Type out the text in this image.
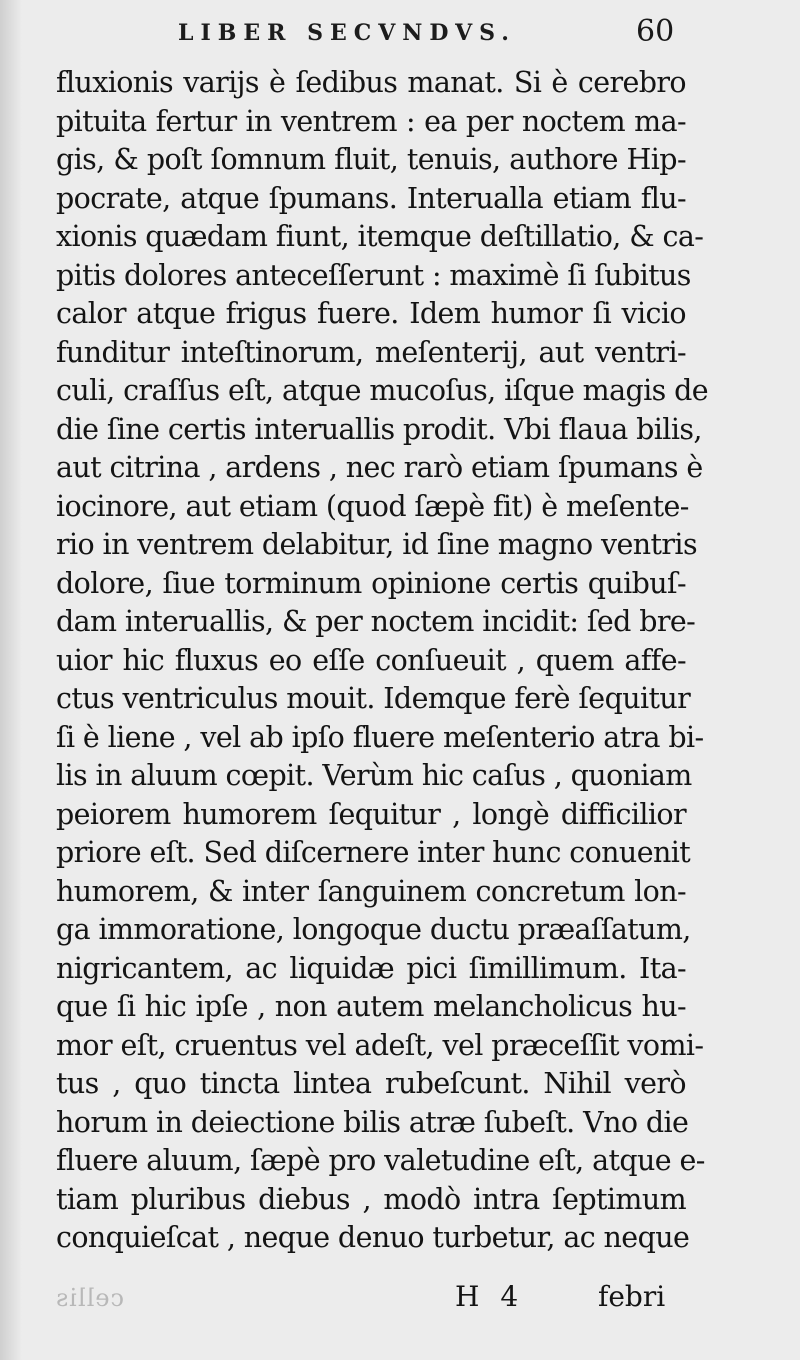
cellis
LIBER SECVNDVS.	60
fluxionis varijs è ſedibus manat. Si è cerebro
pituita fertur in ventrem : ea per noctem ma-
gis, & poſt ſomnum fluit, tenuis, authore Hip-
pocrate, atque ſpumans. Interualla etiam flu-
xionis quædam fiunt, itemque deſtillatio, & ca-
pitis dolores anteceſſerunt : maximè ſi ſubitus
calor atque frigus fuere. Idem humor ſi vicio
funditur inteſtinorum, meſenterij, aut ventri-
culi, craſſus eſt, atque mucoſus, iſque magis de
die ſine certis interuallis prodit. Vbi flaua bilis,
aut citrina , ardens , nec rarò etiam ſpumans è
iocinore, aut etiam (quod ſæpè fit) è meſente-
rio in ventrem delabitur, id ſine magno ventris
dolore, ſiue torminum opinione certis quibuſ-
dam interuallis, & per noctem incidit: ſed bre-
uior hic fluxus eo eſſe conſueuit , quem affe-
ctus ventriculus mouit. Idemque ferè ſequitur
ſi è liene , vel ab ipſo fluere meſenterio atra bi-
lis in aluum cœpit. Verùm hic caſus , quoniam
peiorem humorem ſequitur , longè difficilior
priore eſt. Sed diſcernere inter hunc conuenit
humorem, & inter ſanguinem concretum lon-
ga immoratione, longoque ductu præaſſatum,
nigricantem, ac liquidæ pici ſimillimum. Ita-
que ſi hic ipſe , non autem melancholicus hu-
mor eſt, cruentus vel adeſt, vel præceſſit vomi-
tus , quo tincta lintea rubeſcunt. Nihil verò
horum in deiectione bilis atræ ſubeſt. Vno die
fluere aluum, ſæpè pro valetudine eſt, atque e-
tiam pluribus diebus , modò intra ſeptimum
conquieſcat , neque denuo turbetur, ac neque
H 4	febri
